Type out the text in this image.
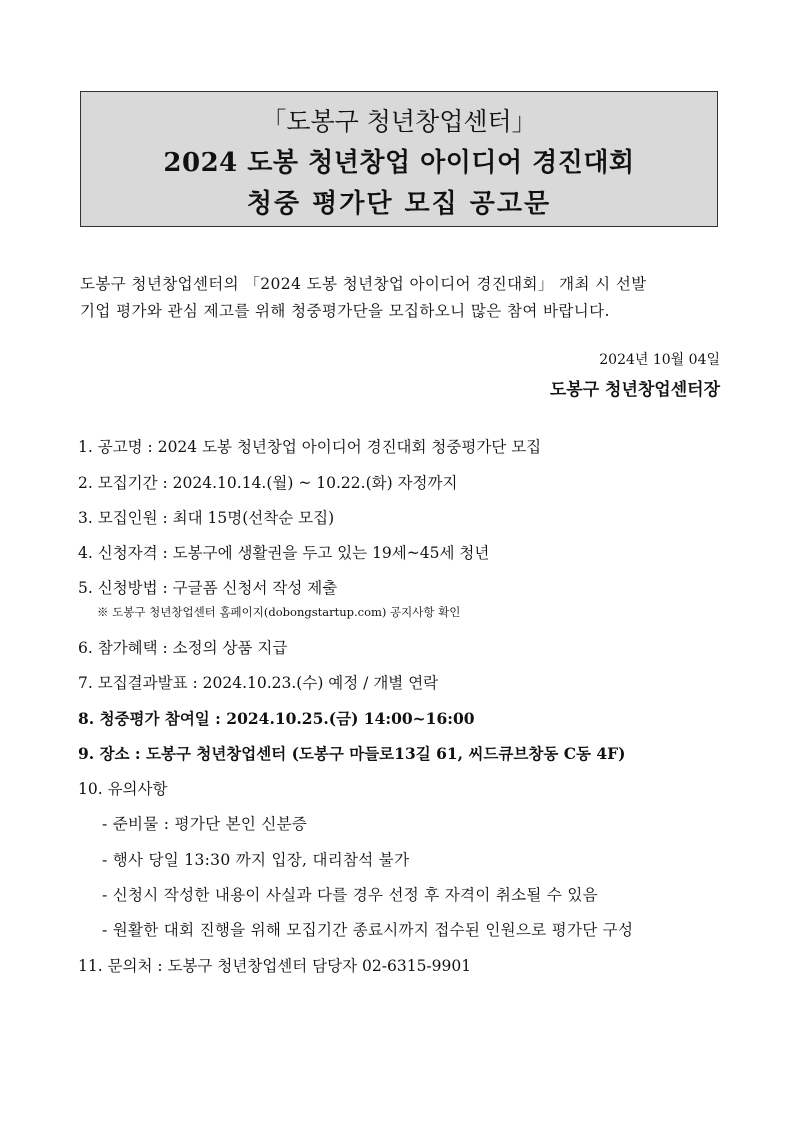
「도봉구 청년창업센터」
2024 도봉 청년창업 아이디어 경진대회
청중 평가단 모집 공고문
도봉구 청년창업센터의 「2024 도봉 청년창업 아이디어 경진대회」 개최 시 선발
기업 평가와 관심 제고를 위해 청중평가단을 모집하오니 많은 참여 바랍니다.
2024년 10월 04일
도봉구 청년창업센터장
1. 공고명 : 2024 도봉 청년창업 아이디어 경진대회 청중평가단 모집
2. 모집기간 : 2024.10.14.(월) ~ 10.22.(화) 자정까지
3. 모집인원 : 최대 15명(선착순 모집)
4. 신청자격 : 도봉구에 생활권을 두고 있는 19세~45세 청년
5. 신청방법 : 구글폼 신청서 작성 제출
※ 도봉구 청년창업센터 홈페이지(dobongstartup.com) 공지사항 확인
6. 참가혜택 : 소정의 상품 지급
7. 모집결과발표 : 2024.10.23.(수) 예정 / 개별 연락
8. 청중평가 참여일 : 2024.10.25.(금) 14:00~16:00
9. 장소 : 도봉구 청년창업센터 (도봉구 마들로13길 61, 씨드큐브창동 C동 4F)
10. 유의사항
- 준비물 : 평가단 본인 신분증
- 행사 당일 13:30 까지 입장, 대리참석 불가
- 신청시 작성한 내용이 사실과 다를 경우 선정 후 자격이 취소될 수 있음
- 원활한 대회 진행을 위해 모집기간 종료시까지 접수된 인원으로 평가단 구성
11. 문의처 : 도봉구 청년창업센터 담당자 02-6315-9901
